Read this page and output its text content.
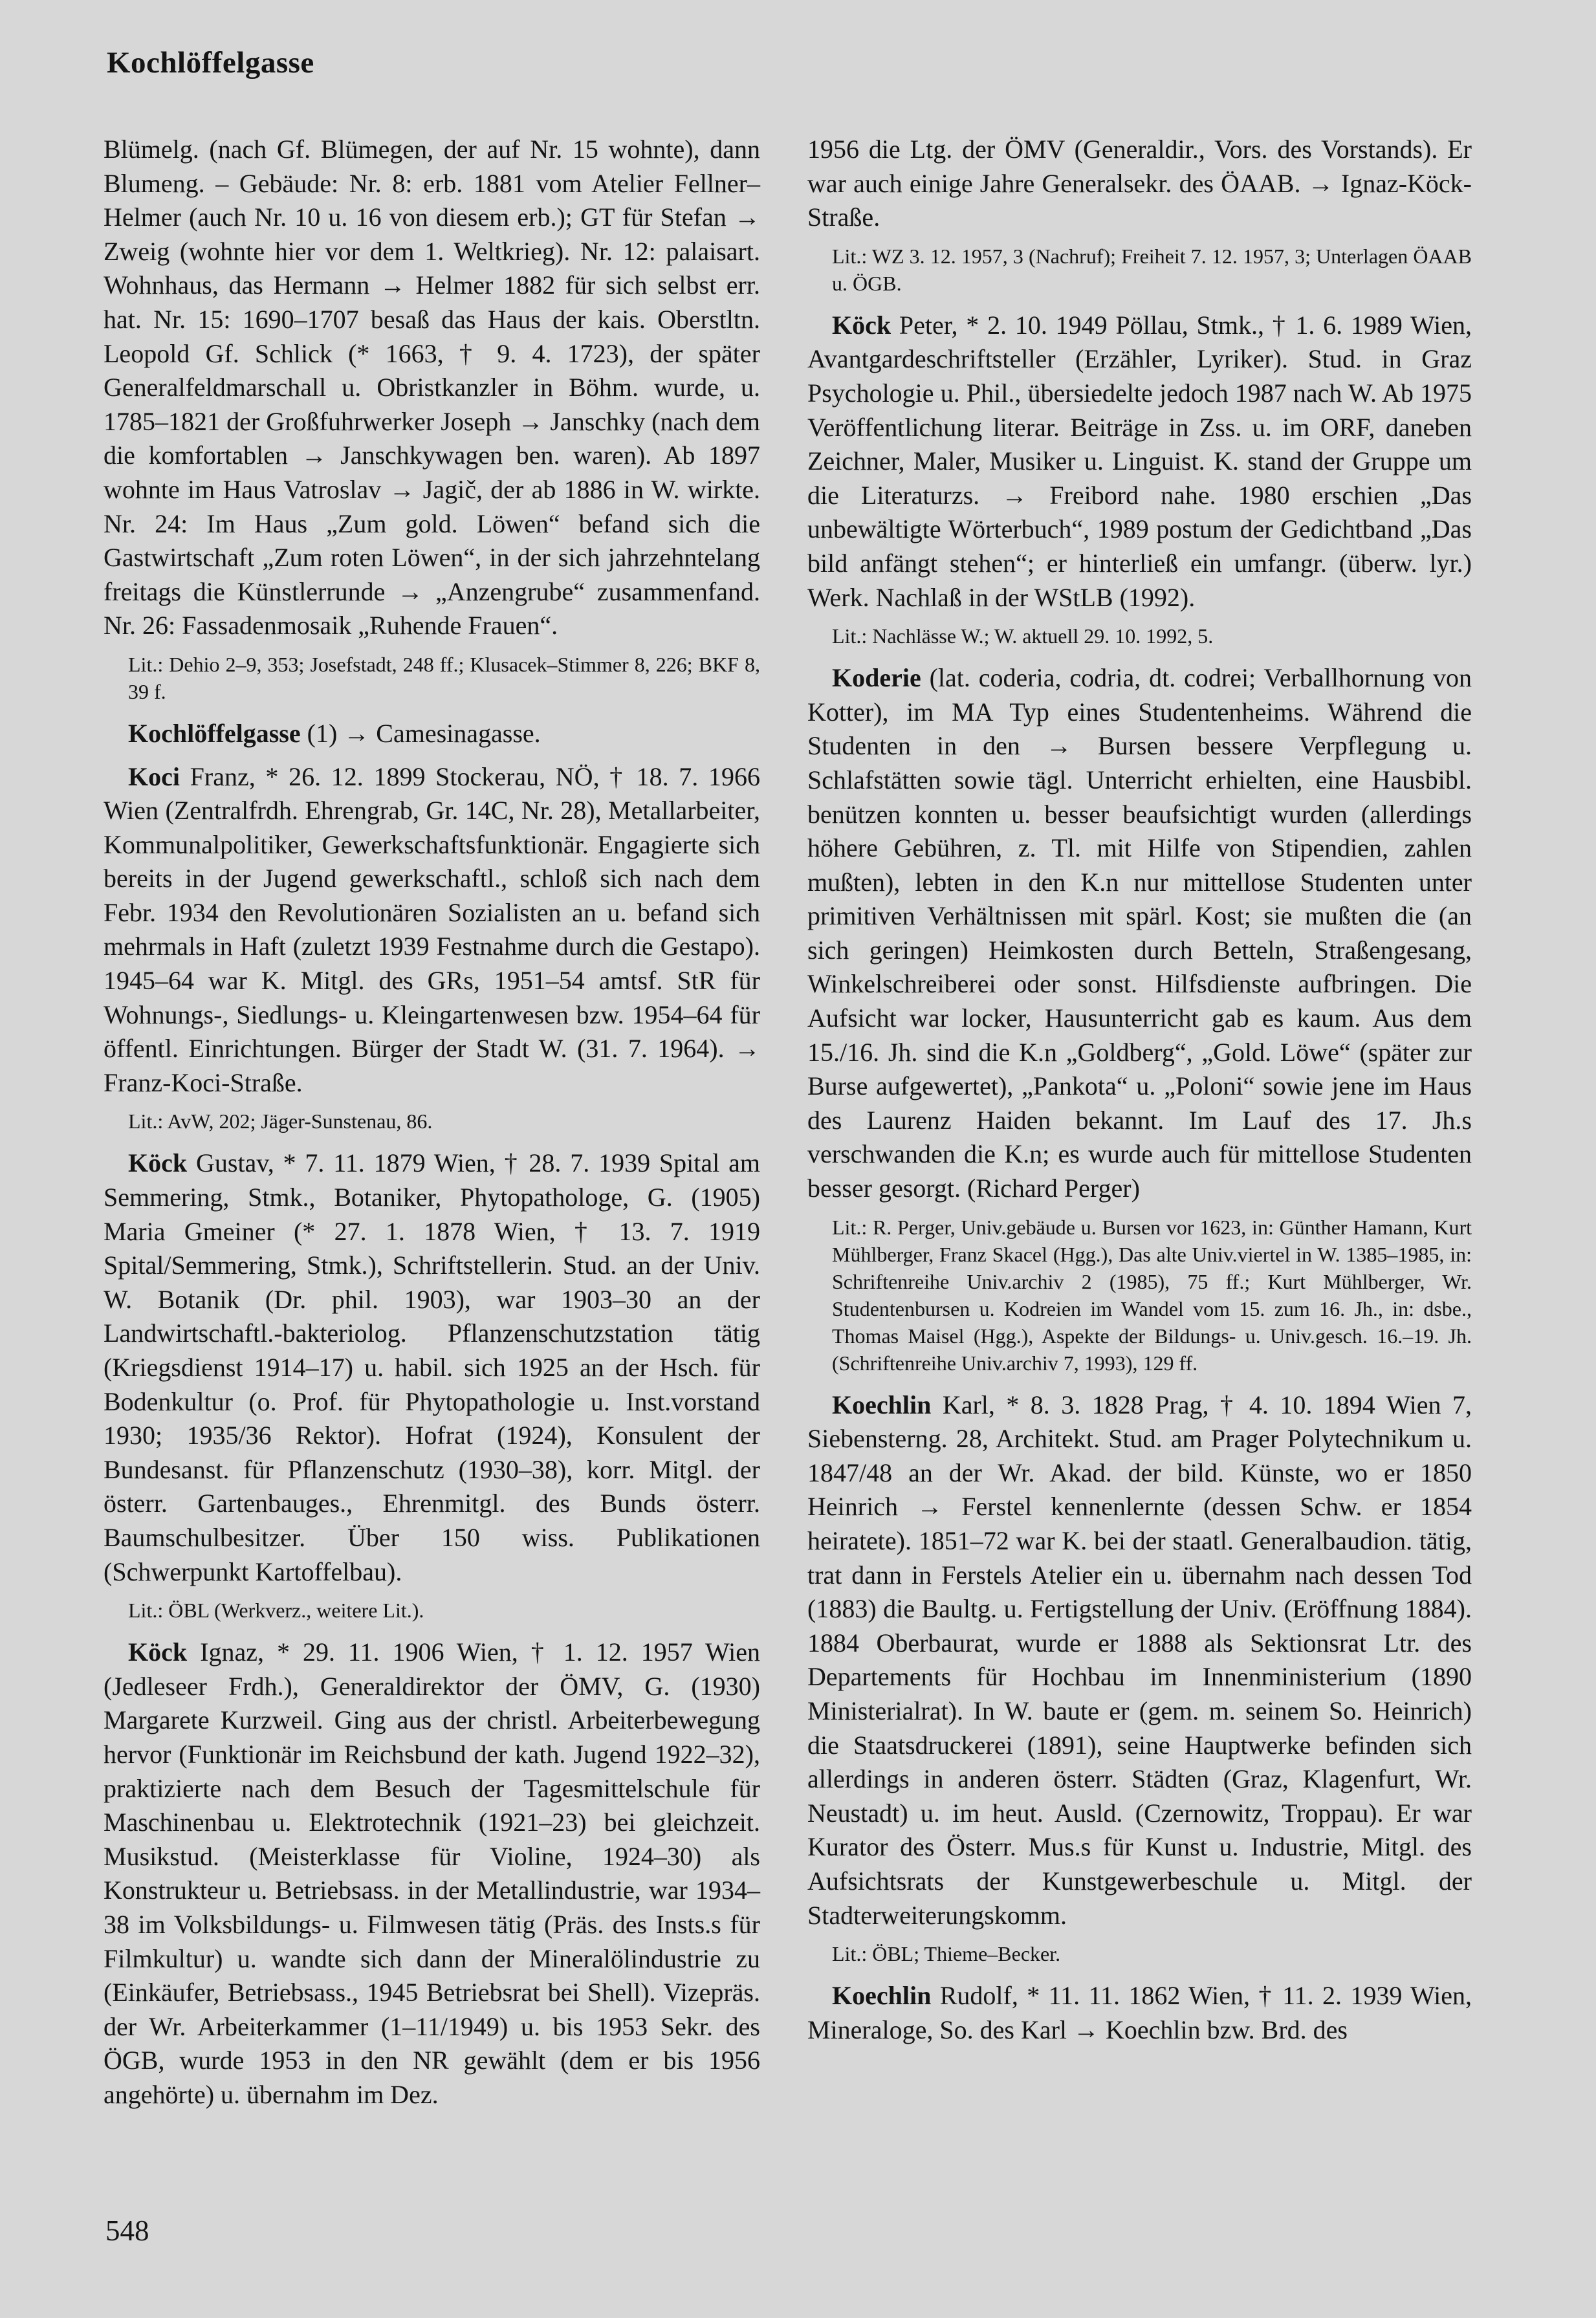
Kochlöffelgasse

Blümelg. (nach Gf. Blümegen, der auf Nr. 15 wohnte), dann Blumeng. – Gebäude: Nr. 8: erb. 1881 vom Atelier Fellner–Helmer (auch Nr. 10 u. 16 von diesem erb.); GT für Stefan → Zweig (wohnte hier vor dem 1. Weltkrieg). Nr. 12: palaisart. Wohnhaus, das Hermann → Helmer 1882 für sich selbst err. hat. Nr. 15: 1690–1707 besaß das Haus der kais. Oberstltn. Leopold Gf. Schlick (* 1663, † 9. 4. 1723), der später Generalfeldmarschall u. Obristkanzler in Böhm. wurde, u. 1785–1821 der Großfuhrwerker Joseph → Janschky (nach dem die komfortablen → Janschkywagen ben. waren). Ab 1897 wohnte im Haus Vatroslav → Jagič, der ab 1886 in W. wirkte. Nr. 24: Im Haus „Zum gold. Löwen“ befand sich die Gastwirtschaft „Zum roten Löwen“, in der sich jahrzehntelang freitags die Künstlerrunde → „Anzengrube“ zusammenfand. Nr. 26: Fassadenmosaik „Ruhende Frauen“.

Lit.: Dehio 2–9, 353; Josefstadt, 248 ff.; Klusacek–Stimmer 8, 226; BKF 8, 39 f.

Kochlöffelgasse (1) → Camesinagasse.

Koci Franz, * 26. 12. 1899 Stockerau, NÖ, † 18. 7. 1966 Wien (Zentralfrdh. Ehrengrab, Gr. 14C, Nr. 28), Metallarbeiter, Kommunalpolitiker, Gewerkschaftsfunktionär. Engagierte sich bereits in der Jugend gewerkschaftl., schloß sich nach dem Febr. 1934 den Revolutionären Sozialisten an u. befand sich mehrmals in Haft (zuletzt 1939 Festnahme durch die Gestapo). 1945–64 war K. Mitgl. des GRs, 1951–54 amtsf. StR für Wohnungs-, Siedlungs- u. Kleingartenwesen bzw. 1954–64 für öffentl. Einrichtungen. Bürger der Stadt W. (31. 7. 1964). → Franz-Koci-Straße.

Lit.: AvW, 202; Jäger-Sunstenau, 86.

Köck Gustav, * 7. 11. 1879 Wien, † 28. 7. 1939 Spital am Semmering, Stmk., Botaniker, Phytopathologe, G. (1905) Maria Gmeiner (* 27. 1. 1878 Wien, † 13. 7. 1919 Spital/Semmering, Stmk.), Schriftstellerin. Stud. an der Univ. W. Botanik (Dr. phil. 1903), war 1903–30 an der Landwirtschaftl.-bakteriolog. Pflanzenschutzstation tätig (Kriegsdienst 1914–17) u. habil. sich 1925 an der Hsch. für Bodenkultur (o. Prof. für Phytopathologie u. Inst.vorstand 1930; 1935/36 Rektor). Hofrat (1924), Konsulent der Bundesanst. für Pflanzenschutz (1930–38), korr. Mitgl. der österr. Gartenbauges., Ehrenmitgl. des Bunds österr. Baumschulbesitzer. Über 150 wiss. Publikationen (Schwerpunkt Kartoffelbau).

Lit.: ÖBL (Werkverz., weitere Lit.).

Köck Ignaz, * 29. 11. 1906 Wien, † 1. 12. 1957 Wien (Jedleseer Frdh.), Generaldirektor der ÖMV, G. (1930) Margarete Kurzweil. Ging aus der christl. Arbeiterbewegung hervor (Funktionär im Reichsbund der kath. Jugend 1922–32), praktizierte nach dem Besuch der Tagesmittelschule für Maschinenbau u. Elektrotechnik (1921–23) bei gleichzeit. Musikstud. (Meisterklasse für Violine, 1924–30) als Konstrukteur u. Betriebsass. in der Metallindustrie, war 1934–38 im Volksbildungs- u. Filmwesen tätig (Präs. des Insts.s für Filmkultur) u. wandte sich dann der Mineralölindustrie zu (Einkäufer, Betriebsass., 1945 Betriebsrat bei Shell). Vizepräs. der Wr. Arbeiterkammer (1–11/1949) u. bis 1953 Sekr. des ÖGB, wurde 1953 in den NR gewählt (dem er bis 1956 angehörte) u. übernahm im Dez.

1956 die Ltg. der ÖMV (Generaldir., Vors. des Vorstands). Er war auch einige Jahre Generalsekr. des ÖAAB. → Ignaz-Köck-Straße.

Lit.: WZ 3. 12. 1957, 3 (Nachruf); Freiheit 7. 12. 1957, 3; Unterlagen ÖAAB u. ÖGB.

Köck Peter, * 2. 10. 1949 Pöllau, Stmk., † 1. 6. 1989 Wien, Avantgardeschriftsteller (Erzähler, Lyriker). Stud. in Graz Psychologie u. Phil., übersiedelte jedoch 1987 nach W. Ab 1975 Veröffentlichung literar. Beiträge in Zss. u. im ORF, daneben Zeichner, Maler, Musiker u. Linguist. K. stand der Gruppe um die Literaturzs. → Freibord nahe. 1980 erschien „Das unbewältigte Wörterbuch“, 1989 postum der Gedichtband „Das bild anfängt stehen“; er hinterließ ein umfangr. (überw. lyr.) Werk. Nachlaß in der WStLB (1992).

Lit.: Nachlässe W.; W. aktuell 29. 10. 1992, 5.

Koderie (lat. coderia, codria, dt. codrei; Verballhornung von Kotter), im MA Typ eines Studentenheims. Während die Studenten in den → Bursen bessere Verpflegung u. Schlafstätten sowie tägl. Unterricht erhielten, eine Hausbibl. benützen konnten u. besser beaufsichtigt wurden (allerdings höhere Gebühren, z. Tl. mit Hilfe von Stipendien, zahlen mußten), lebten in den K.n nur mittellose Studenten unter primitiven Verhältnissen mit spärl. Kost; sie mußten die (an sich geringen) Heimkosten durch Betteln, Straßengesang, Winkelschreiberei oder sonst. Hilfsdienste aufbringen. Die Aufsicht war locker, Hausunterricht gab es kaum. Aus dem 15./16. Jh. sind die K.n „Goldberg“, „Gold. Löwe“ (später zur Burse aufgewertet), „Pankota“ u. „Poloni“ sowie jene im Haus des Laurenz Haiden bekannt. Im Lauf des 17. Jh.s verschwanden die K.n; es wurde auch für mittellose Studenten besser gesorgt. (Richard Perger)

Lit.: R. Perger, Univ.gebäude u. Bursen vor 1623, in: Günther Hamann, Kurt Mühlberger, Franz Skacel (Hgg.), Das alte Univ.viertel in W. 1385–1985, in: Schriftenreihe Univ.archiv 2 (1985), 75 ff.; Kurt Mühlberger, Wr. Studentenbursen u. Kodreien im Wandel vom 15. zum 16. Jh., in: dsbe., Thomas Maisel (Hgg.), Aspekte der Bildungs- u. Univ.gesch. 16.–19. Jh. (Schriftenreihe Univ.archiv 7, 1993), 129 ff.

Koechlin Karl, * 8. 3. 1828 Prag, † 4. 10. 1894 Wien 7, Siebensterng. 28, Architekt. Stud. am Prager Polytechnikum u. 1847/48 an der Wr. Akad. der bild. Künste, wo er 1850 Heinrich → Ferstel kennenlernte (dessen Schw. er 1854 heiratete). 1851–72 war K. bei der staatl. Generalbaudion. tätig, trat dann in Ferstels Atelier ein u. übernahm nach dessen Tod (1883) die Baultg. u. Fertigstellung der Univ. (Eröffnung 1884). 1884 Oberbaurat, wurde er 1888 als Sektionsrat Ltr. des Departements für Hochbau im Innenministerium (1890 Ministerialrat). In W. baute er (gem. m. seinem So. Heinrich) die Staatsdruckerei (1891), seine Hauptwerke befinden sich allerdings in anderen österr. Städten (Graz, Klagenfurt, Wr. Neustadt) u. im heut. Ausld. (Czernowitz, Troppau). Er war Kurator des Österr. Mus.s für Kunst u. Industrie, Mitgl. des Aufsichtsrats der Kunstgewerbeschule u. Mitgl. der Stadterweiterungskomm.

Lit.: ÖBL; Thieme–Becker.

Koechlin Rudolf, * 11. 11. 1862 Wien, † 11. 2. 1939 Wien, Mineraloge, So. des Karl → Koechlin bzw. Brd. des

548
